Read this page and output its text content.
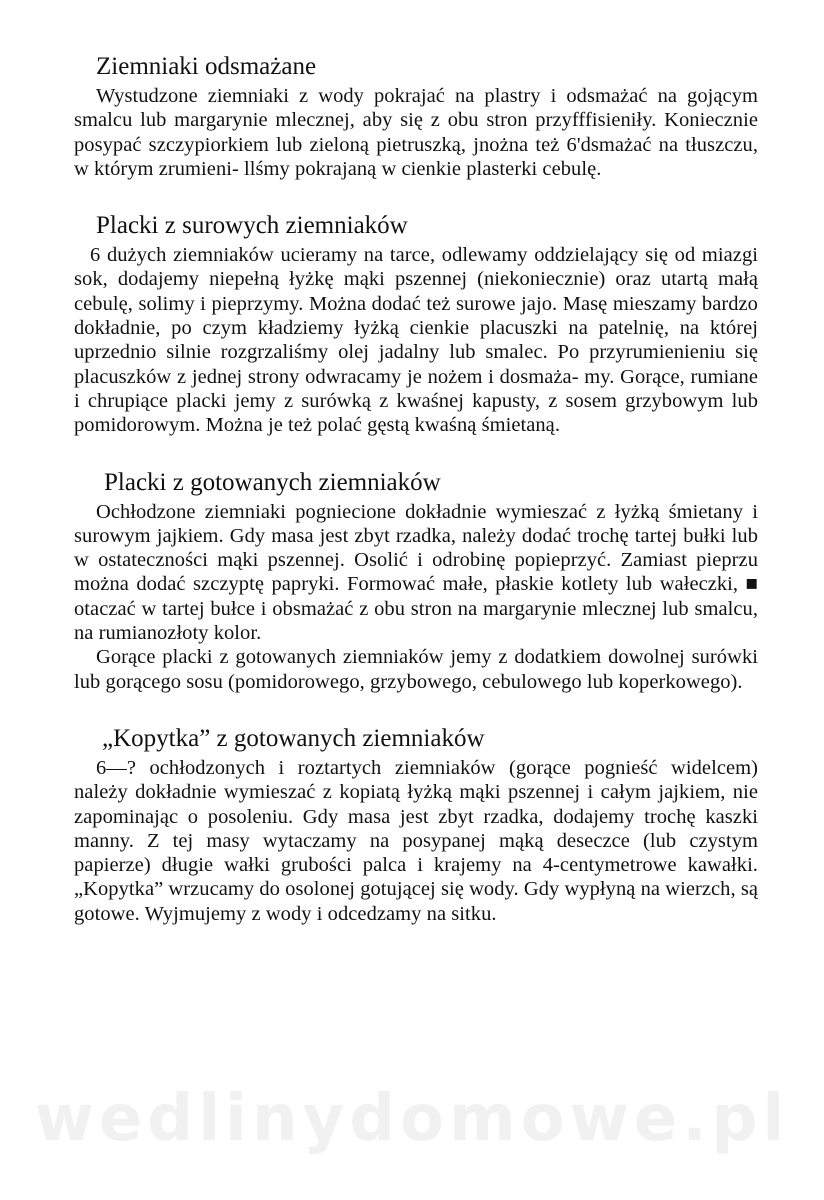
Ziemniaki odsmażane

Wystudzone ziemniaki z wody pokrajać na plastry i odsmażać na gojącym smalcu lub margarynie mlecznej, aby się z obu stron przyfffisieniły. Koniecznie posypać szczypiorkiem lub zieloną pietruszką, jnożna też 6'dsmażać na tłuszczu, w którym zrumieni- llśmy pokrajaną w cienkie plasterki cebulę.

Placki z surowych ziemniaków

6 dużych ziemniaków ucieramy na tarce, odlewamy oddzielający się od miazgi sok, dodajemy niepełną łyżkę mąki pszennej (niekoniecznie) oraz utartą małą cebulę, solimy i pieprzymy. Można dodać też surowe jajo. Masę mieszamy bardzo dokładnie, po czym kładziemy łyżką cienkie placuszki na patelnię, na której uprzednio silnie rozgrzaliśmy olej jadalny lub smalec. Po przyrumienieniu się placuszków z jednej strony odwracamy je nożem i dosmaża- my. Gorące, rumiane i chrupiące placki jemy z surówką z kwaśnej kapusty, z sosem grzybowym lub pomidorowym. Można je też polać gęstą kwaśną śmietaną.

Placki z gotowanych ziemniaków

Ochłodzone ziemniaki pogniecione dokładnie wymieszać z łyżką śmietany i surowym jajkiem. Gdy masa jest zbyt rzadka, należy dodać trochę tartej bułki lub w ostateczności mąki pszennej. Osolić i odrobinę popieprzyć. Zamiast pieprzu można dodać szczyptę papryki. Formować małe, płaskie kotlety lub wałeczki, ■ otaczać w tartej bułce i obsmażać z obu stron na margarynie mlecznej lub smalcu, na rumianozłoty kolor.

Gorące placki z gotowanych ziemniaków jemy z dodatkiem dowolnej surówki lub gorącego sosu (pomidorowego, grzybowego, cebulowego lub koperkowego).

„Kopytka” z gotowanych ziemniaków

6—? ochłodzonych i roztartych ziemniaków (gorące pognieść widelcem) należy dokładnie wymieszać z kopiatą łyżką mąki pszennej i całym jajkiem, nie zapominając o posoleniu. Gdy masa jest zbyt rzadka, dodajemy trochę kaszki manny. Z tej masy wytaczamy na posypanej mąką deseczce (lub czystym papierze) długie wałki grubości palca i krajemy na 4-centymetrowe kawałki. „Kopytka” wrzucamy do osolonej gotującej się wody. Gdy wypłyną na wierzch, są gotowe. Wyjmujemy z wody i odcedzamy na sitku.

wedlinydomowe.pl
